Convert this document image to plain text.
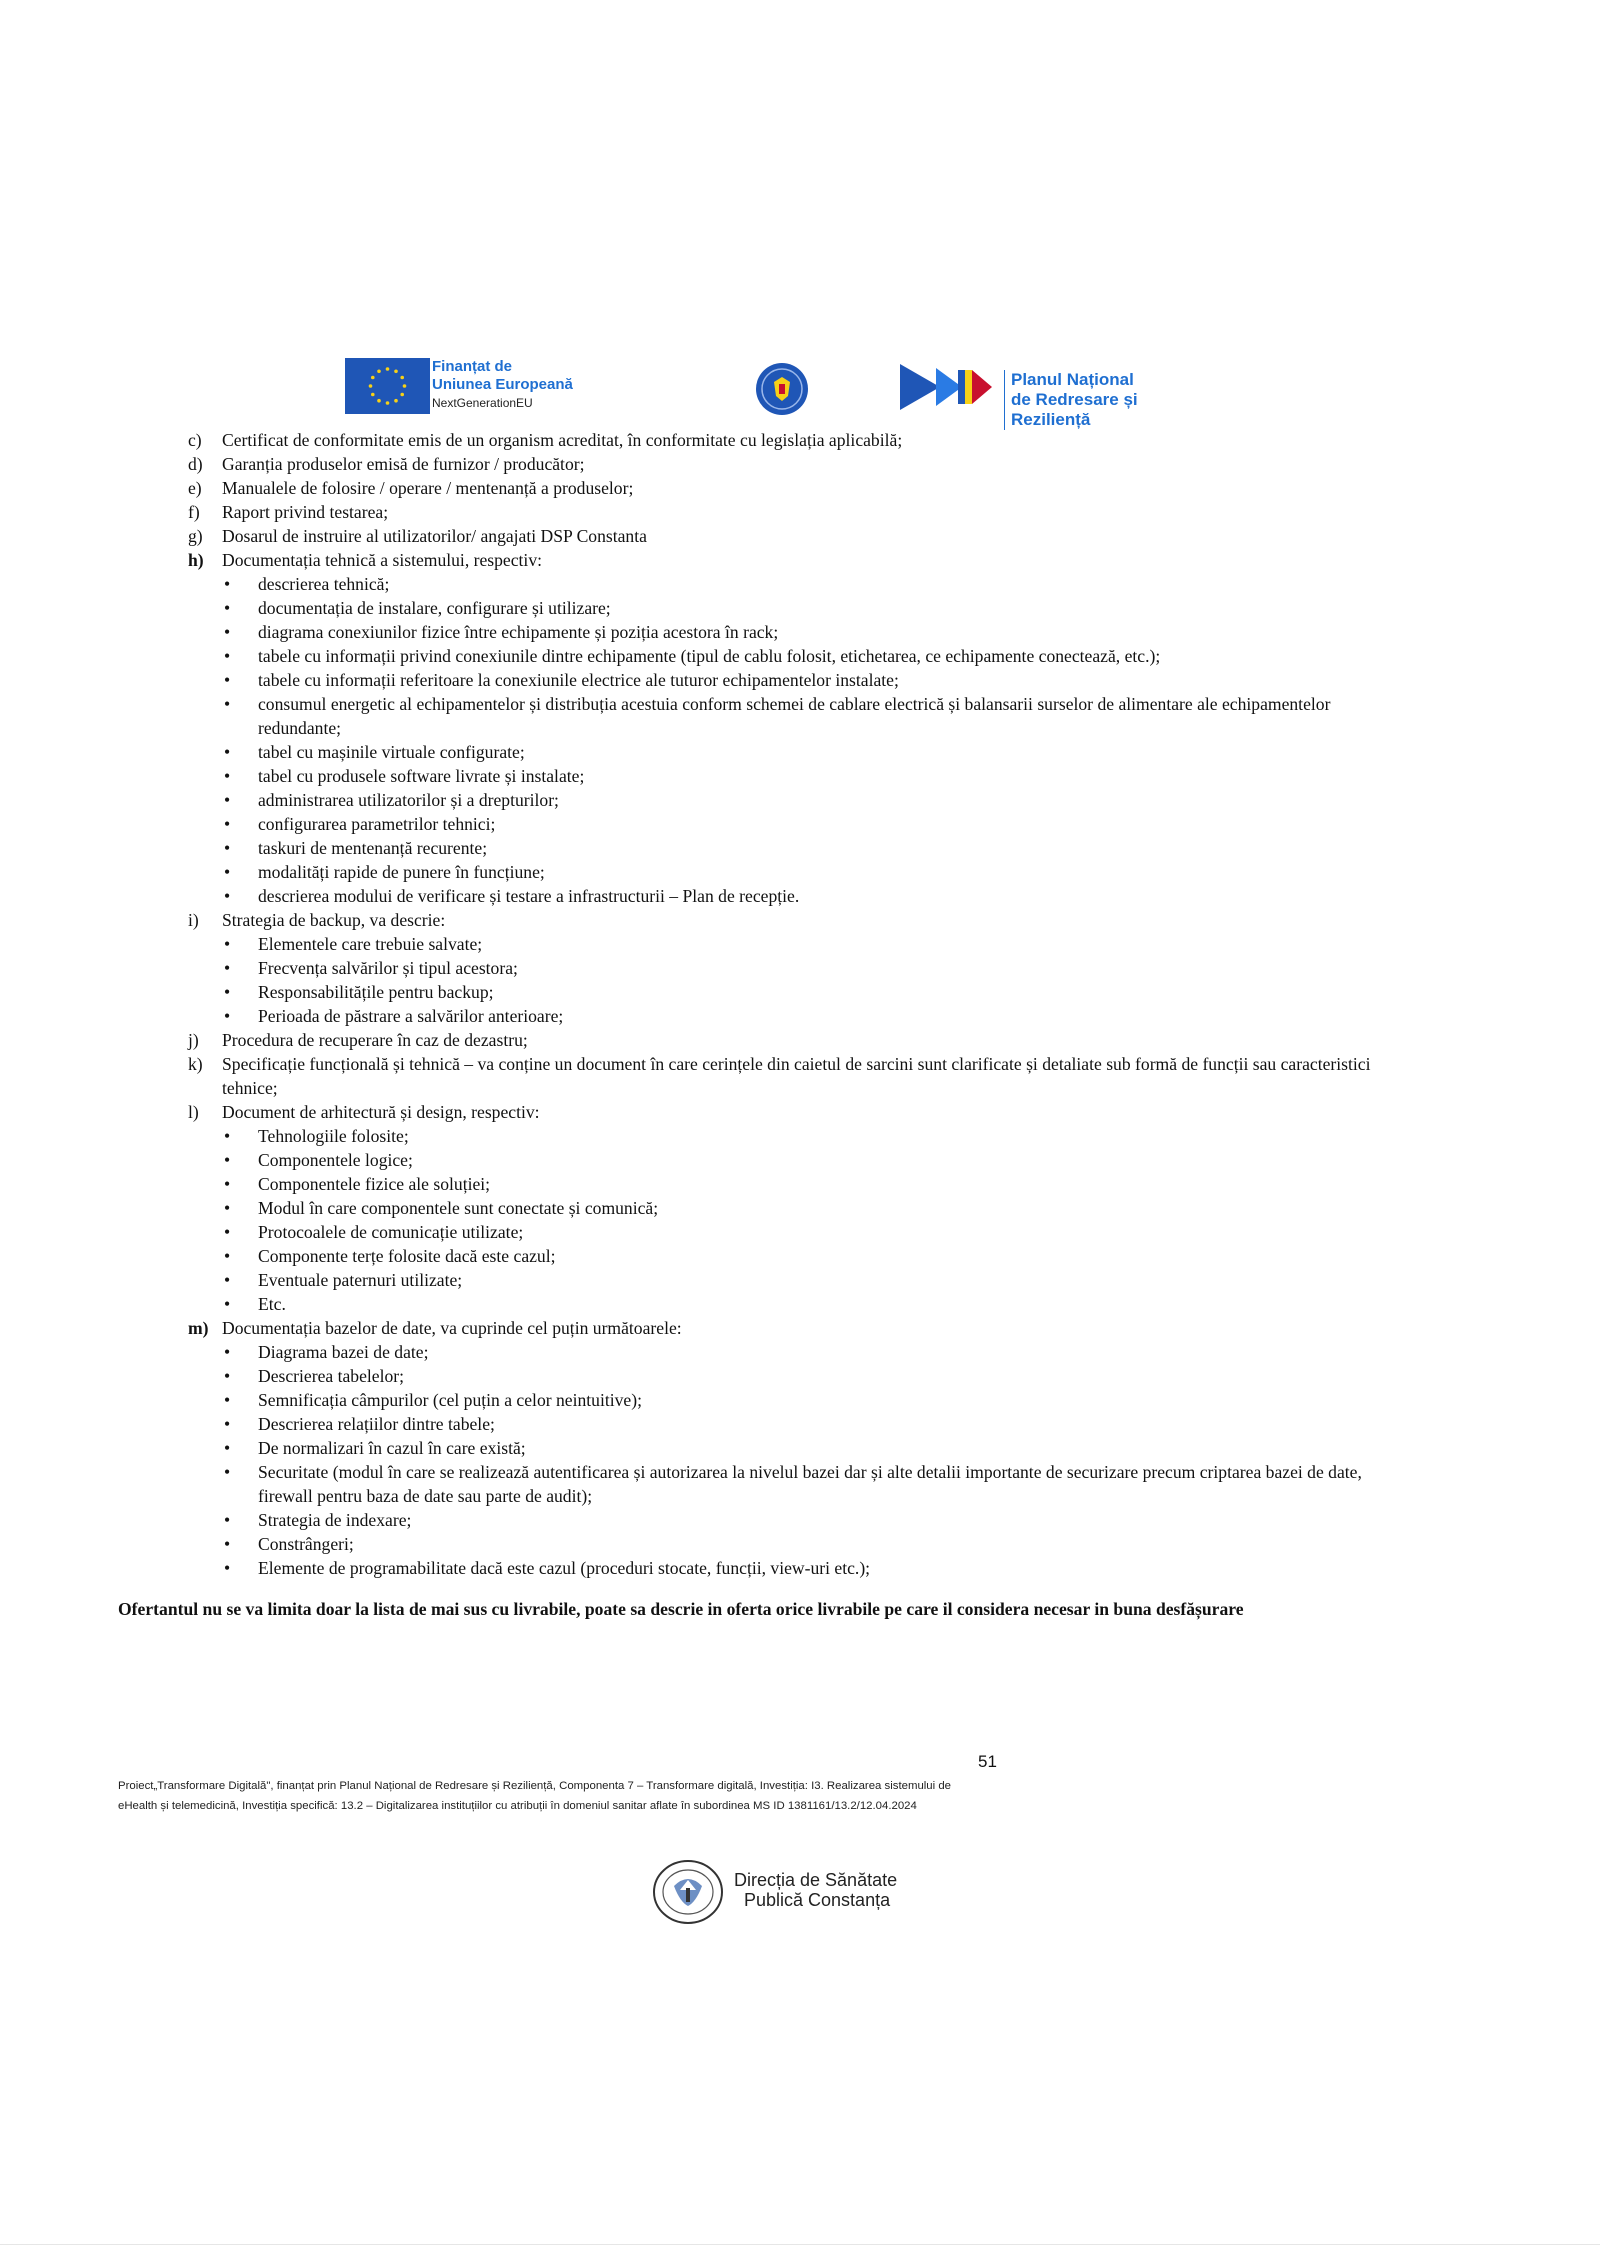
Finanțat de
Uniunea Europeană
NextGenerationEU
Planul Național
de Redresare și Reziliență
c) Certificat de conformitate emis de un organism acreditat, în conformitate cu legislația aplicabilă;
d) Garanția produselor emisă de furnizor / producător;
e) Manualele de folosire / operare / mentenanță a produselor;
f) Raport privind testarea;
g) Dosarul de instruire al utilizatorilor/ angajati DSP Constanta
h) Documentația tehnică a sistemului, respectiv:
• descrierea tehnică;
• documentația de instalare, configurare și utilizare;
• diagrama conexiunilor fizice între echipamente și poziția acestora în rack;
• tabele cu informații privind conexiunile dintre echipamente (tipul de cablu folosit, etichetarea, ce echipamente conectează, etc.);
• tabele cu informații referitoare la conexiunile electrice ale tuturor echipamentelor instalate;
• consumul energetic al echipamentelor și distribuția acestuia conform schemei de cablare electrică și balansarii surselor de alimentare ale echipamentelor redundante;
• tabel cu mașinile virtuale configurate;
• tabel cu produsele software livrate și instalate;
• administrarea utilizatorilor și a drepturilor;
• configurarea parametrilor tehnici;
• taskuri de mentenanță recurente;
• modalități rapide de punere în funcțiune;
• descrierea modului de verificare și testare a infrastructurii – Plan de recepție.
i) Strategia de backup, va descrie:
• Elementele care trebuie salvate;
• Frecvența salvărilor și tipul acestora;
• Responsabilitățile pentru backup;
• Perioada de păstrare a salvărilor anterioare;
j) Procedura de recuperare în caz de dezastru;
k) Specificație funcțională și tehnică – va conține un document în care cerințele din caietul de sarcini sunt clarificate și detaliate sub formă de funcții sau caracteristici tehnice;
l) Document de arhitectură și design, respectiv:
• Tehnologiile folosite;
• Componentele logice;
• Componentele fizice ale soluției;
• Modul în care componentele sunt conectate și comunică;
• Protocoalele de comunicație utilizate;
• Componente terțe folosite dacă este cazul;
• Eventuale paternuri utilizate;
• Etc.
m) Documentația bazelor de date, va cuprinde cel puțin următoarele:
• Diagrama bazei de date;
• Descrierea tabelelor;
• Semnificația câmpurilor (cel puțin a celor neintuitive);
• Descrierea relațiilor dintre tabele;
• De normalizari în cazul în care există;
• Securitate (modul în care se realizează autentificarea și autorizarea la nivelul bazei dar și alte detalii importante de securizare precum criptarea bazei de date, firewall pentru baza de date sau parte de audit);
• Strategia de indexare;
• Constrângeri;
• Elemente de programabilitate dacă este cazul (proceduri stocate, funcții, view-uri etc.);
Ofertantul nu se va limita doar la lista de mai sus cu livrabile, poate sa descrie in oferta orice livrabile pe care il considera necesar in buna desfășurare
51
Proiect„Transformare Digitală", finanțat prin Planul Național de Redresare și Reziliență, Componenta 7 – Transformare digitală, Investiția: I3. Realizarea sistemului de eHealth și telemedicină, Investiția specifică: 13.2 – Digitalizarea instituțiilor cu atribuții în domeniul sanitar aflate în subordinea MS ID 1381161/13.2/12.04.2024
Direcția de Sănătate
Publică Constanța
